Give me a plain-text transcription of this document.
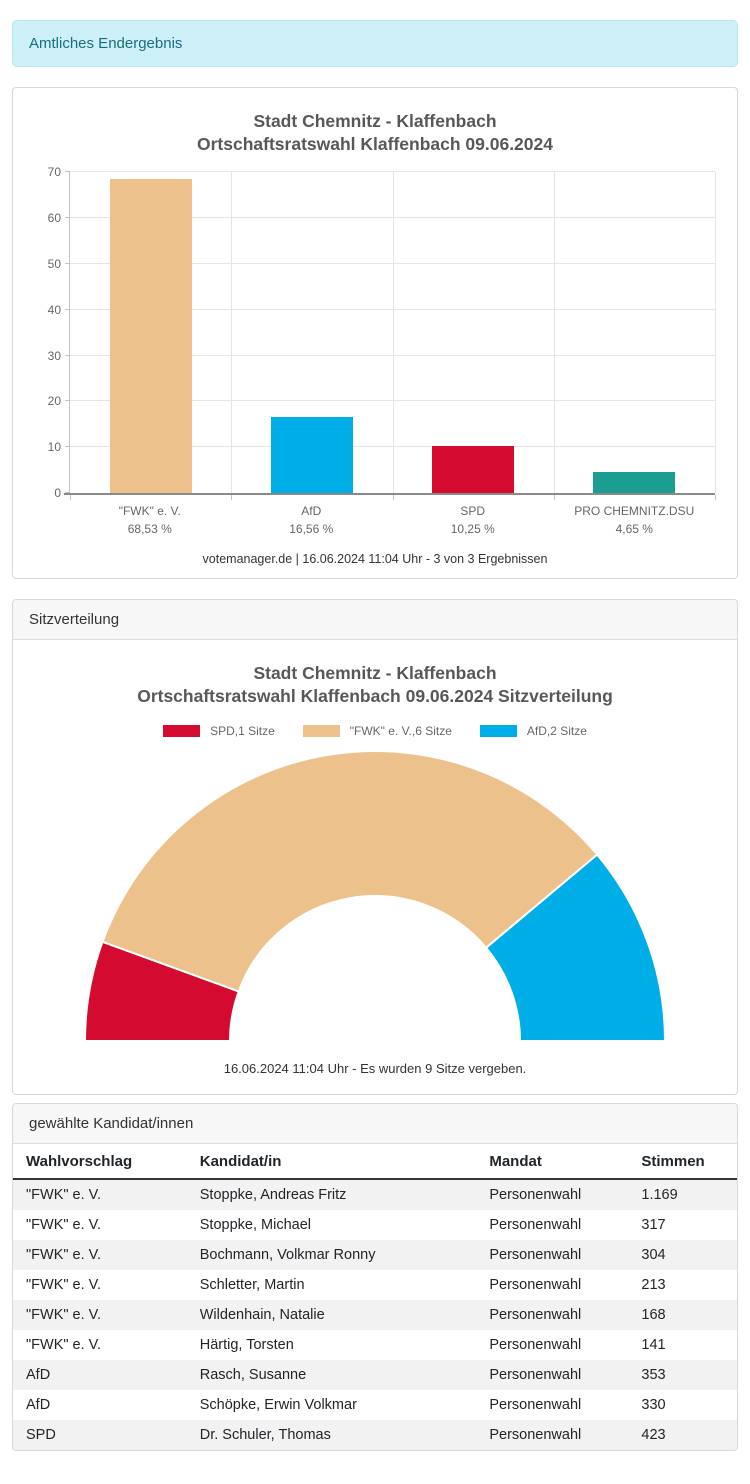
Amtliches Endergebnis
Stadt Chemnitz - Klaffenbach
Ortschaftsratswahl Klaffenbach 09.06.2024
0
10
20
30
40
50
60
70
"FWK" e. V.
68,53 %
AfD
16,56 %
SPD
10,25 %
PRO CHEMNITZ.DSU
4,65 %
votemanager.de | 16.06.2024 11:04 Uhr - 3 von 3 Ergebnissen
Sitzverteilung
Stadt Chemnitz - Klaffenbach
Ortschaftsratswahl Klaffenbach 09.06.2024 Sitzverteilung
SPD,1 Sitze	"FWK" e. V.,6 Sitze	AfD,2 Sitze
16.06.2024 11:04 Uhr - Es wurden 9 Sitze vergeben.
gewählte Kandidat/innen
Wahlvorschlag	Kandidat/in	Mandat	Stimmen
"FWK" e. V.	Stoppke, Andreas Fritz	Personenwahl	1.169
"FWK" e. V.	Stoppke, Michael	Personenwahl	317
"FWK" e. V.	Bochmann, Volkmar Ronny	Personenwahl	304
"FWK" e. V.	Schletter, Martin	Personenwahl	213
"FWK" e. V.	Wildenhain, Natalie	Personenwahl	168
"FWK" e. V.	Härtig, Torsten	Personenwahl	141
AfD	Rasch, Susanne	Personenwahl	353
AfD	Schöpke, Erwin Volkmar	Personenwahl	330
SPD	Dr. Schuler, Thomas	Personenwahl	423
